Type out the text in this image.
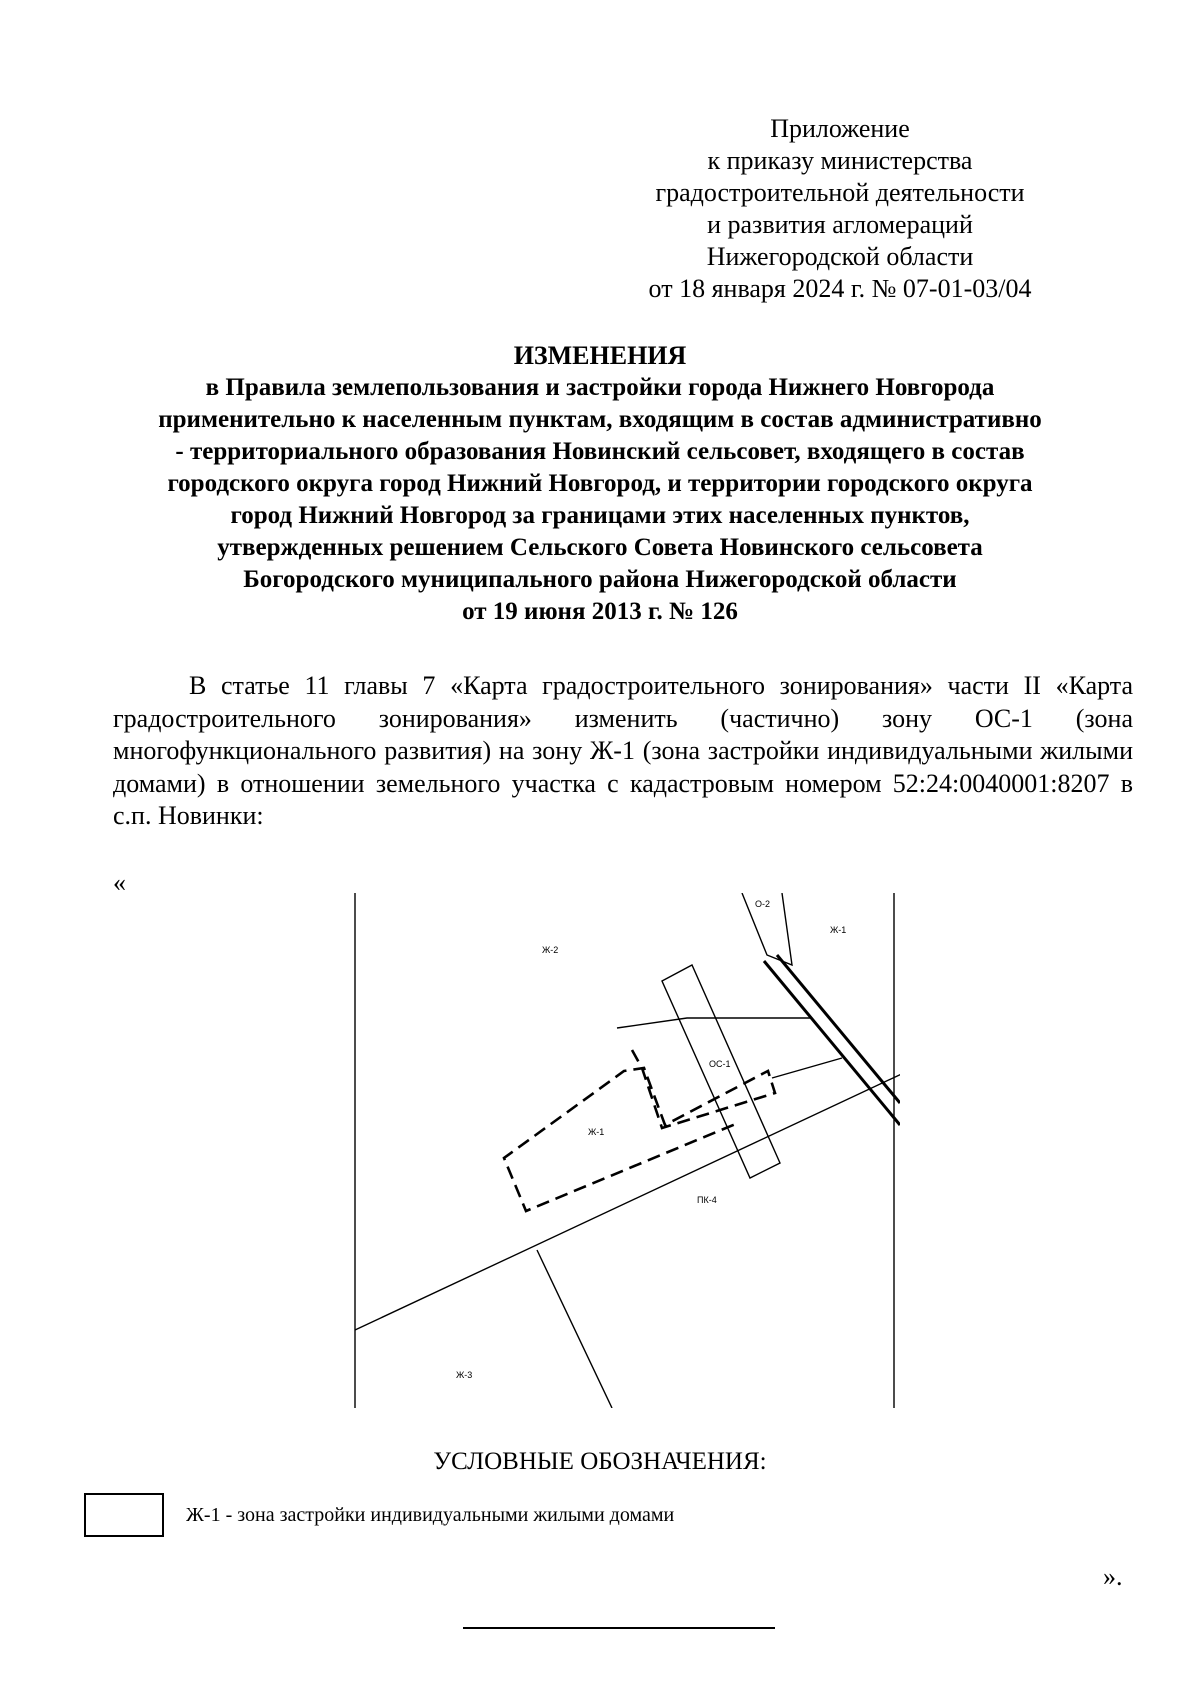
Приложение
к приказу министерства
градостроительной деятельности
и развития агломераций
Нижегородской области
от 18 января 2024 г. № 07-01-03/04
ИЗМЕНЕНИЯ
в Правила землепользования и застройки города Нижнего Новгорода
применительно к населенным пунктам, входящим в состав административно
- территориального образования Новинский сельсовет, входящего в состав
городского округа город Нижний Новгород, и территории городского округа
город Нижний Новгород за границами этих населенных пунктов,
утвержденных решением Сельского Совета Новинского сельсовета
Богородского муниципального района Нижегородской области
от 19 июня 2013 г. № 126

В статье 11 главы 7 «Карта градостроительного зонирования» части II «Карта градостроительного зонирования» изменить (частично) зону ОС-1 (зона многофункционального развития) на зону Ж-1 (зона застройки индивидуальными жилыми домами) в отношении земельного участка с кадастровым номером 52:24:0040001:8207 в с.п. Новинки:

«
Ж-2
О-2
Ж-1
ОС-1
Ж-1
ПК-4
Ж-3
УСЛОВНЫЕ ОБОЗНАЧЕНИЯ:
Ж-1 - зона застройки индивидуальными жилыми домами
».
